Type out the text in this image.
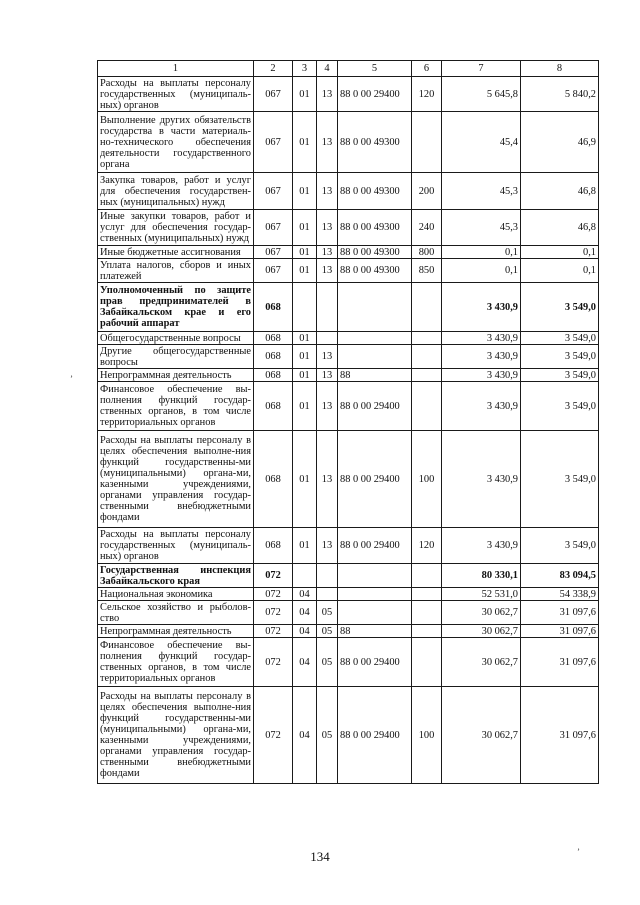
1	2	3	4	5	6	7	8
Расходы на выплаты персоналу государственных (муниципаль-ных) органов	067	01	13	88 0 00 29400	120	5 645,8	5 840,2
Выполнение других обязательств государства в части материаль-но-технического обеспечения деятельности государственного органа	067	01	13	88 0 00 49300		45,4	46,9
Закупка товаров, работ и услуг для обеспечения государствен-ных (муниципальных) нужд	067	01	13	88 0 00 49300	200	45,3	46,8
Иные закупки товаров, работ и услуг для обеспечения государ-ственных (муниципальных) нужд	067	01	13	88 0 00 49300	240	45,3	46,8
Иные бюджетные ассигнования	067	01	13	88 0 00 49300	800	0,1	0,1
Уплата налогов, сборов и иных платежей	067	01	13	88 0 00 49300	850	0,1	0,1
Уполномоченный по защите прав предпринимателей в Забайкальском крае и его рабочий аппарат	068					3 430,9	3 549,0
Общегосударственные вопросы	068	01				3 430,9	3 549,0
Другие общегосударственные вопросы	068	01	13			3 430,9	3 549,0
Непрограммная деятельность	068	01	13	88		3 430,9	3 549,0
Финансовое обеспечение вы-полнения функций государ-ственных органов, в том числе территориальных органов	068	01	13	88 0 00 29400		3 430,9	3 549,0
Расходы на выплаты персоналу в целях обеспечения выполне-ния функций государственны-ми (муниципальными) органа-ми, казенными учреждениями, органами управления государ-ственными внебюджетными фондами	068	01	13	88 0 00 29400	100	3 430,9	3 549,0
Расходы на выплаты персоналу государственных (муниципаль-ных) органов	068	01	13	88 0 00 29400	120	3 430,9	3 549,0
Государственная инспекция Забайкальского края	072					80 330,1	83 094,5
Национальная экономика	072	04				52 531,0	54 338,9
Сельское хозяйство и рыболов-ство	072	04	05			30 062,7	31 097,6
Непрограммная деятельность	072	04	05	88		30 062,7	31 097,6
Финансовое обеспечение вы-полнения функций государ-ственных органов, в том числе территориальных органов	072	04	05	88 0 00 29400		30 062,7	31 097,6
Расходы на выплаты персоналу в целях обеспечения выполне-ния функций государственны-ми (муниципальными) органа-ми, казенными учреждениями, органами управления государ-ственными внебюджетными фондами	072	04	05	88 0 00 29400	100	30 062,7	31 097,6
134
ʼ
ʼ
